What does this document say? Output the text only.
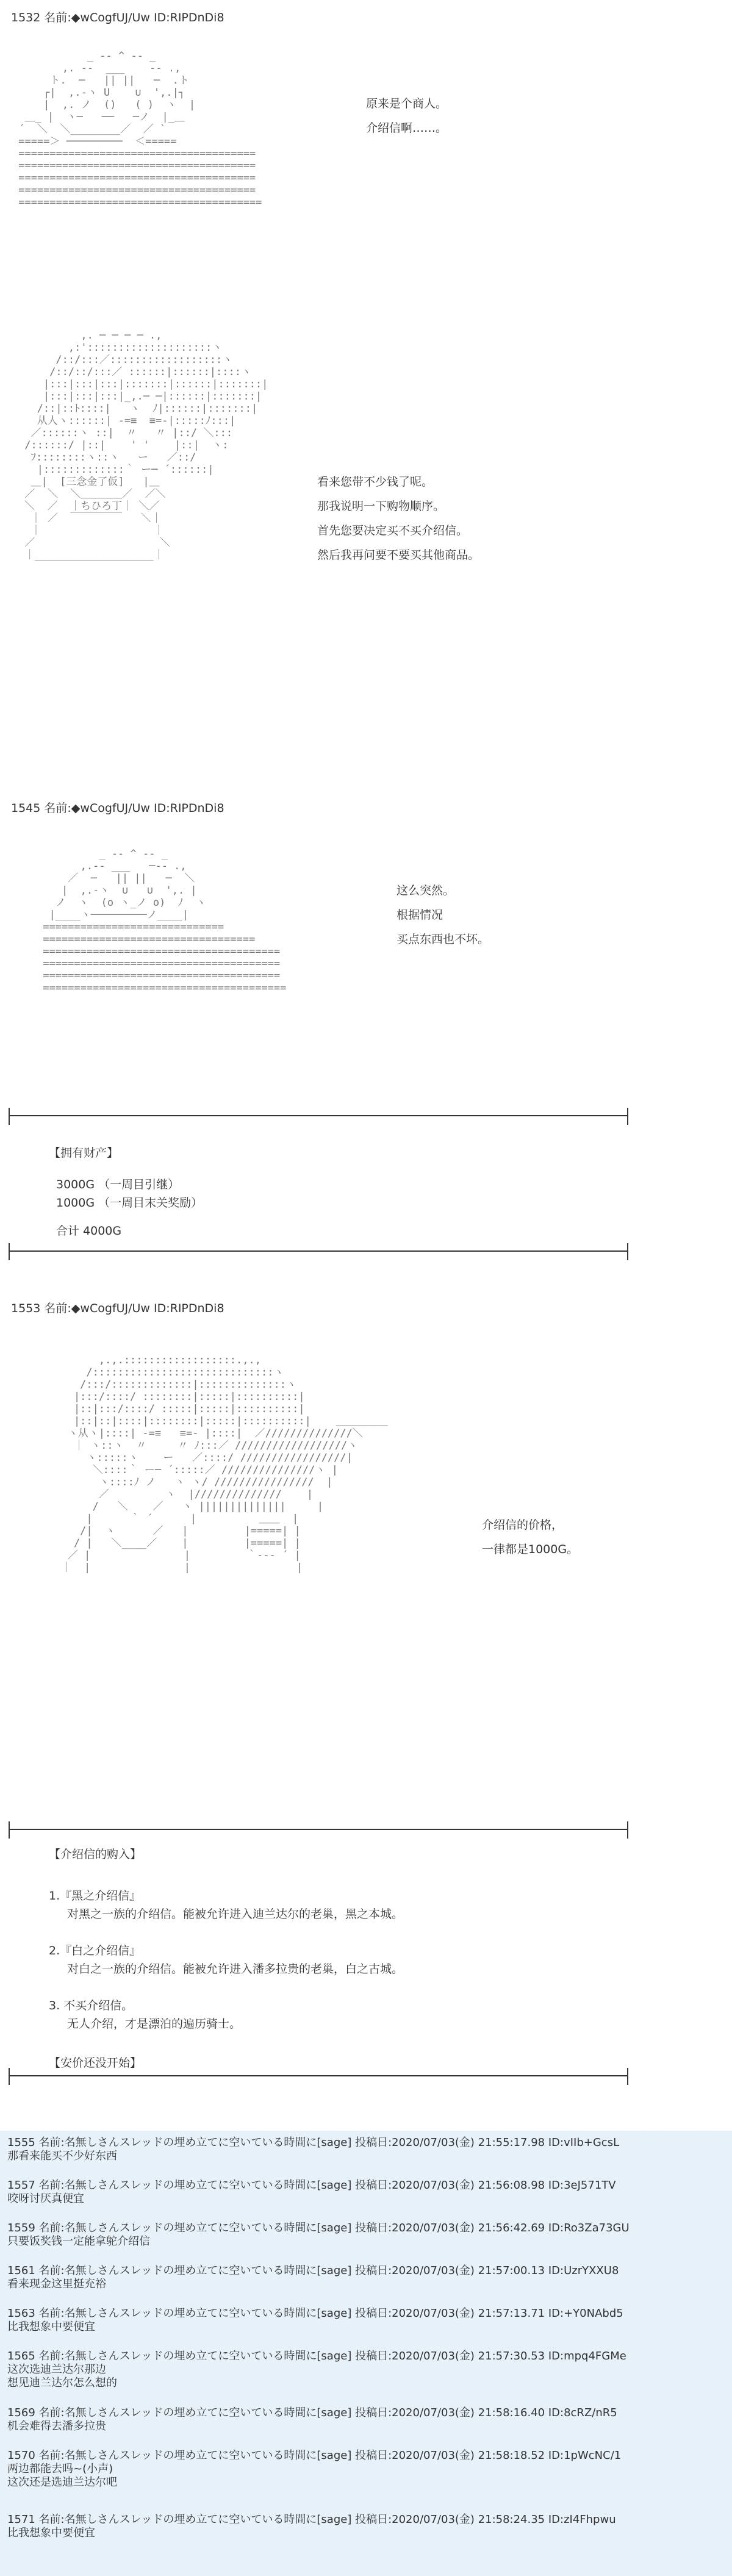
1532 名前:◆wCogfUJ/Uw ID:RIPDnDi8
_ -‐ ^ ‐- _
,. -‐  ___    ‐- .,
ト.  ─   || ||   ─  .ト
┌|  ,.-ヽ U    ∪  ',.|┐
|  ,. ノ  ()   ( )  ヽ  |
＿_ |  ヽ─   ──   ─ノ  |_＿
´  ＼  ＼________／  ／ `
=====＞ ─────────  ＜=====
======================================
======================================
======================================
======================================
=======================================
原来是个商人。
介绍信啊……。
,. ─ ─ ─ ─ .,
,:'::::::::::::::::::::ヽ
/::/:::／::::::::::::::::::ヽ
/::/::/:::／ ::::::|::::::|::::ヽ
|:::|:::|:::|:::::::|::::::|:::::::|
|:::|:::|:::|_,.─ ─|::::::|:::::::|
/::|::ﾄ::::|   ヽ  ﾉ|::::::|:::::::|
从人ヽ::::::| ‐=≡  ≡=‐|:::::ﾉ:::|
／::::::ヽ ::|  〃   〃 |::/ ＼:::
/::::::/ |::|    ' '    |::|  ヽ:
ﾌ::::::::ヽ::ヽ   ー   ／::/
|:::::::::::::｀ ー─ ´::::::|
＿|  [三念金了仮]   |＿
／  ＼  ＼＿＿＿＿／  ／＼
＼  ／  ｜ちひろ丁｜ ＼／
｜ ／  ￣￣￣￣￣   ＼｜
｜                  ｜
／                    ＼
｜___________________｜
看来您带不少钱了呢。
那我说明一下购物顺序。
首先您要决定买不买介绍信。
然后我再问要不要买其他商品。
1545 名前:◆wCogfUJ/Uw ID:RIPDnDi8
_ -‐ ^ ‐- _
,.-‐ ___   ─‐- .,
／  ─   || ||   ─  ＼
|  ,.-ヽ  ∪   ∪  ',. |
ノ  ヽ  (o ヽ_ノ o)  ﾉ  ヽ
|____ヽ─────────ノ____|
=============================
==================================
======================================
======================================
======================================
=======================================
这么突然。
根据情况
买点东西也不坏。
【拥有财产】
3000G （一周目引继）
1000G （一周目末关奖励）
合计 4000G
1553 名前:◆wCogfUJ/Uw ID:RIPDnDi8
,.,.::::::::::::::::::.,.,
/:::::::::::::::::::::::::::::ヽ
/:::/:::::::::::::|::::::::::::::ヽ
|:::/::::/ ::::::::|:::::|::::::::::|
|::|:::/::::/ :::::|:::::|::::::::::|
|::|::|::::|::::::::|:::::|::::::::::|    ＿＿＿＿＿
ヽ从ヽ|::::| ‐=≡   ≡=‐ |::::|  ／//////////////＼
｜ ヽ::ヽ  〃     〃 ﾉ:::／ //////////////////ヽ
ヽ:::::ヽ    ー   ／::::/ /////////////////|
＼::::｀ ー─ ´:::::／ ///////////////ヽ |
ヽ::::ﾉ ノ   ヽ ヽ/ ////////////////  |
／         ヽ  |//////////////    |
/   ＼    ／   ヽ ||||||||||||||     |
|      ｀ ´      |          ＿＿  |
/|  ヽ      ／   |         |=====| |
/ |   ＼____／    |         |=====| |
／ |               |         ｀‐‐‐ ´ |
｜  |               |                 |
介绍信的价格，
一律都是1000G。
【介绍信的购入】
1.『黑之介绍信』
对黑之一族的介绍信。能被允许进入迪兰达尔的老巢，黑之本城。
2.『白之介绍信』
对白之一族的介绍信。能被允许进入潘多拉贵的老巢，白之古城。
3. 不买介绍信。
无人介绍，才是漂泊的遍历骑士。
【安价还没开始】
1555 名前:名無しさんスレッドの埋め立てに空いている時間に[sage] 投稿日:2020/07/03(金) 21:55:17.98 ID:vIIb+GcsL
那看来能买不少好东西
1557 名前:名無しさんスレッドの埋め立てに空いている時間に[sage] 投稿日:2020/07/03(金) 21:56:08.98 ID:3eJ571TV
咬呀讨厌真便宜
1559 名前:名無しさんスレッドの埋め立てに空いている時間に[sage] 投稿日:2020/07/03(金) 21:56:42.69 ID:Ro3Za73GU
只要饭奖钱一定能拿鸵介绍信
1561 名前:名無しさんスレッドの埋め立てに空いている時間に[sage] 投稿日:2020/07/03(金) 21:57:00.13 ID:UzrYXXU8
看来现金这里挺充裕
1563 名前:名無しさんスレッドの埋め立てに空いている時間に[sage] 投稿日:2020/07/03(金) 21:57:13.71 ID:+Y0NAbd5
比我想象中要便宜
1565 名前:名無しさんスレッドの埋め立てに空いている時間に[sage] 投稿日:2020/07/03(金) 21:57:30.53 ID:mpq4FGMe
这次选迪兰达尔那边
想见迪兰达尔怎么想的
1569 名前:名無しさんスレッドの埋め立てに空いている時間に[sage] 投稿日:2020/07/03(金) 21:58:16.40 ID:8cRZ/nR5
机会难得去潘多拉贵
1570 名前:名無しさんスレッドの埋め立てに空いている時間に[sage] 投稿日:2020/07/03(金) 21:58:18.52 ID:1pWcNC/1
两边都能去吗~(小声)
这次还是选迪兰达尔吧
1571 名前:名無しさんスレッドの埋め立てに空いている時間に[sage] 投稿日:2020/07/03(金) 21:58:24.35 ID:zI4Fhpwu
比我想象中要便宜
